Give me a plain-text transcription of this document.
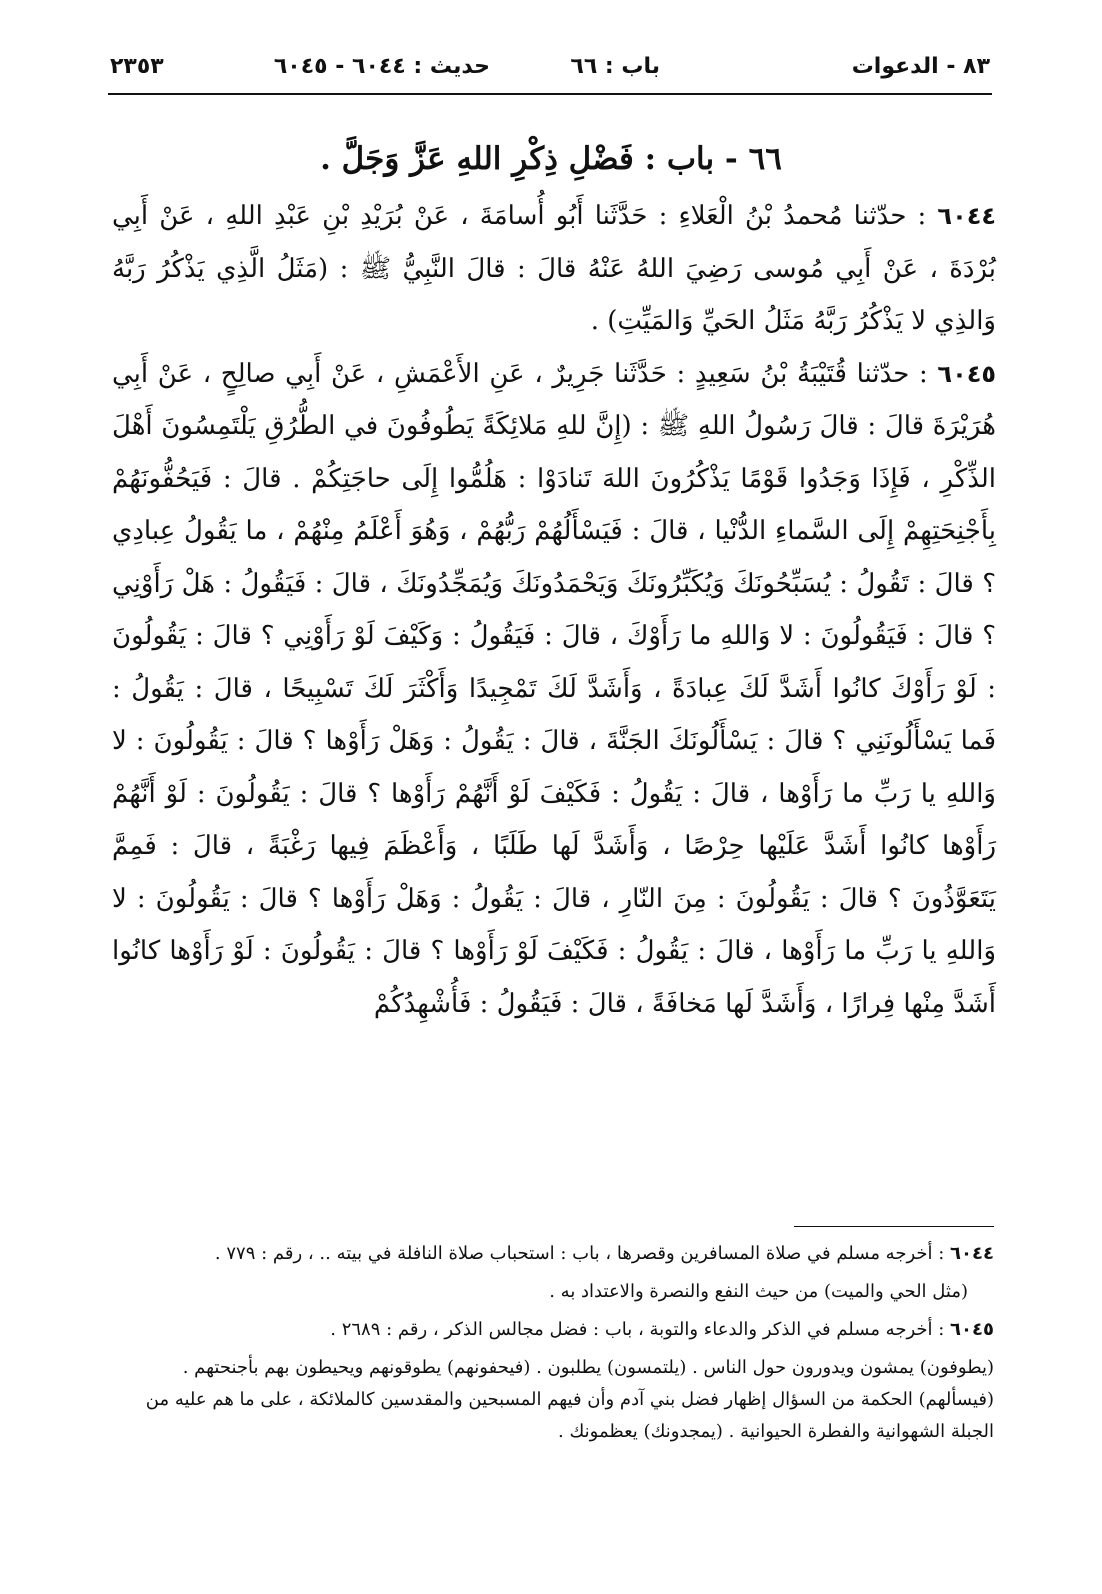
٨٣ - الدعوات
باب : ٦٦
حديث : ٦٠٤٤ - ٦٠٤٥
٢٣٥٣
٦٦ - باب : فَضْلِ ذِكْرِ اللهِ عَزَّ وَجَلَّ .

٦٠٤٤ : حدّثنا مُحمدُ بْنُ الْعَلاءِ : حَدَّثَنا أَبُو أُسامَةَ ، عَنْ بُرَيْدِ بْنِ عَبْدِ اللهِ ، عَنْ أَبِي بُرْدَةَ ، عَنْ أَبِي مُوسى رَضِيَ اللهُ عَنْهُ قالَ : قالَ النَّبِيُّ ﷺ : (مَثَلُ الَّذِي يَذْكُرُ رَبَّهُ وَالذِي لا يَذْكُرُ رَبَّهُ مَثَلُ الحَيِّ وَالمَيِّتِ) .

٦٠٤٥ : حدّثنا قُتَيْبَةُ بْنُ سَعِيدٍ : حَدَّثَنا جَرِيرٌ ، عَنِ الأَعْمَشِ ، عَنْ أَبِي صالِحٍ ، عَنْ أَبِي هُرَيْرَةَ قالَ : قالَ رَسُولُ اللهِ ﷺ : (إِنَّ للهِ مَلائِكَةً يَطُوفُونَ في الطُّرُقِ يَلْتَمِسُونَ أَهْلَ الذِّكْرِ ، فَإِذَا وَجَدُوا قَوْمًا يَذْكُرُونَ اللهَ تَنادَوْا : هَلُمُّوا إِلَى حاجَتِكُمْ . قالَ : فَيَحُفُّونَهُمْ بِأَجْنِحَتِهِمْ إِلَى السَّماءِ الدُّنْيا ، قالَ : فَيَسْأَلُهُمْ رَبُّهُمْ ، وَهُوَ أَعْلَمُ مِنْهُمْ ، ما يَقُولُ عِبادِي ؟ قالَ : تَقُولُ : يُسَبِّحُونَكَ وَيُكَبِّرُونَكَ وَيَحْمَدُونَكَ وَيُمَجِّدُونَكَ ، قالَ : فَيَقُولُ : هَلْ رَأَوْنِي ؟ قالَ : فَيَقُولُونَ : لا وَاللهِ ما رَأَوْكَ ، قالَ : فَيَقُولُ : وَكَيْفَ لَوْ رَأَوْنِي ؟ قالَ : يَقُولُونَ : لَوْ رَأَوْكَ كانُوا أَشَدَّ لَكَ عِبادَةً ، وَأَشَدَّ لَكَ تَمْجِيدًا وَأَكْثَرَ لَكَ تَسْبِيحًا ، قالَ : يَقُولُ : فَما يَسْأَلُونَنِي ؟ قالَ : يَسْأَلُونَكَ الجَنَّةَ ، قالَ : يَقُولُ : وَهَلْ رَأَوْها ؟ قالَ : يَقُولُونَ : لا وَاللهِ يا رَبِّ ما رَأَوْها ، قالَ : يَقُولُ : فَكَيْفَ لَوْ أَنَّهُمْ رَأَوْها ؟ قالَ : يَقُولُونَ : لَوْ أَنَّهُمْ رَأَوْها كانُوا أَشَدَّ عَلَيْها حِرْصًا ، وَأَشَدَّ لَها طَلَبًا ، وَأَعْظَمَ فِيها رَغْبَةً ، قالَ : فَمِمَّ يَتَعَوَّذُونَ ؟ قالَ : يَقُولُونَ : مِنَ النّارِ ، قالَ : يَقُولُ : وَهَلْ رَأَوْها ؟ قالَ : يَقُولُونَ : لا وَاللهِ يا رَبِّ ما رَأَوْها ، قالَ : يَقُولُ : فَكَيْفَ لَوْ رَأَوْها ؟ قالَ : يَقُولُونَ : لَوْ رَأَوْها كانُوا أَشَدَّ مِنْها فِرارًا ، وَأَشَدَّ لَها مَخافَةً ، قالَ : فَيَقُولُ : فَأُشْهِدُكُمْ

٦٠٤٤ : أخرجه مسلم في صلاة المسافرين وقصرها ، باب : استحباب صلاة النافلة في بيته .. ، رقم : ٧٧٩ .

(مثل الحي والميت) من حيث النفع والنصرة والاعتداد به .

٦٠٤٥ : أخرجه مسلم في الذكر والدعاء والتوبة ، باب : فضل مجالس الذكر ، رقم : ٢٦٨٩ .

(يطوفون) يمشون ويدورون حول الناس . (يلتمسون) يطلبون . (فيحفونهم) يطوقونهم ويحيطون بهم بأجنحتهم . (فيسألهم) الحكمة من السؤال إظهار فضل بني آدم وأن فيهم المسبحين والمقدسين كالملائكة ، على ما هم عليه من الجبلة الشهوانية والفطرة الحيوانية . (يمجدونك) يعظمونك .
